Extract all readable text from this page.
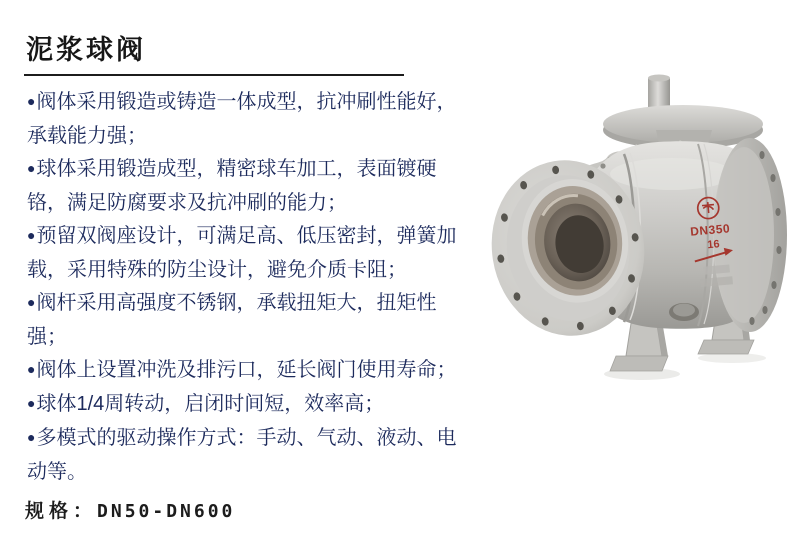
泥浆球阀

●阀体采用锻造或铸造一体成型，抗冲刷性能好，承载能力强；

●球体采用锻造成型，精密球车加工，表面镀硬铬，满足防腐要求及抗冲刷的能力；

●预留双阀座设计，可满足高、低压密封，弹簧加载，采用特殊的防尘设计，避免介质卡阻；

●阀杆采用高强度不锈钢，承载扭矩大，扭矩性强；

●阀体上设置冲洗及排污口，延长阀门使用寿命；

●球体1/4周转动，启闭时间短，效率高；

●多模式的驱动操作方式：手动、气动、液动、电动等。

DN350
16
规格：DN50-DN600
